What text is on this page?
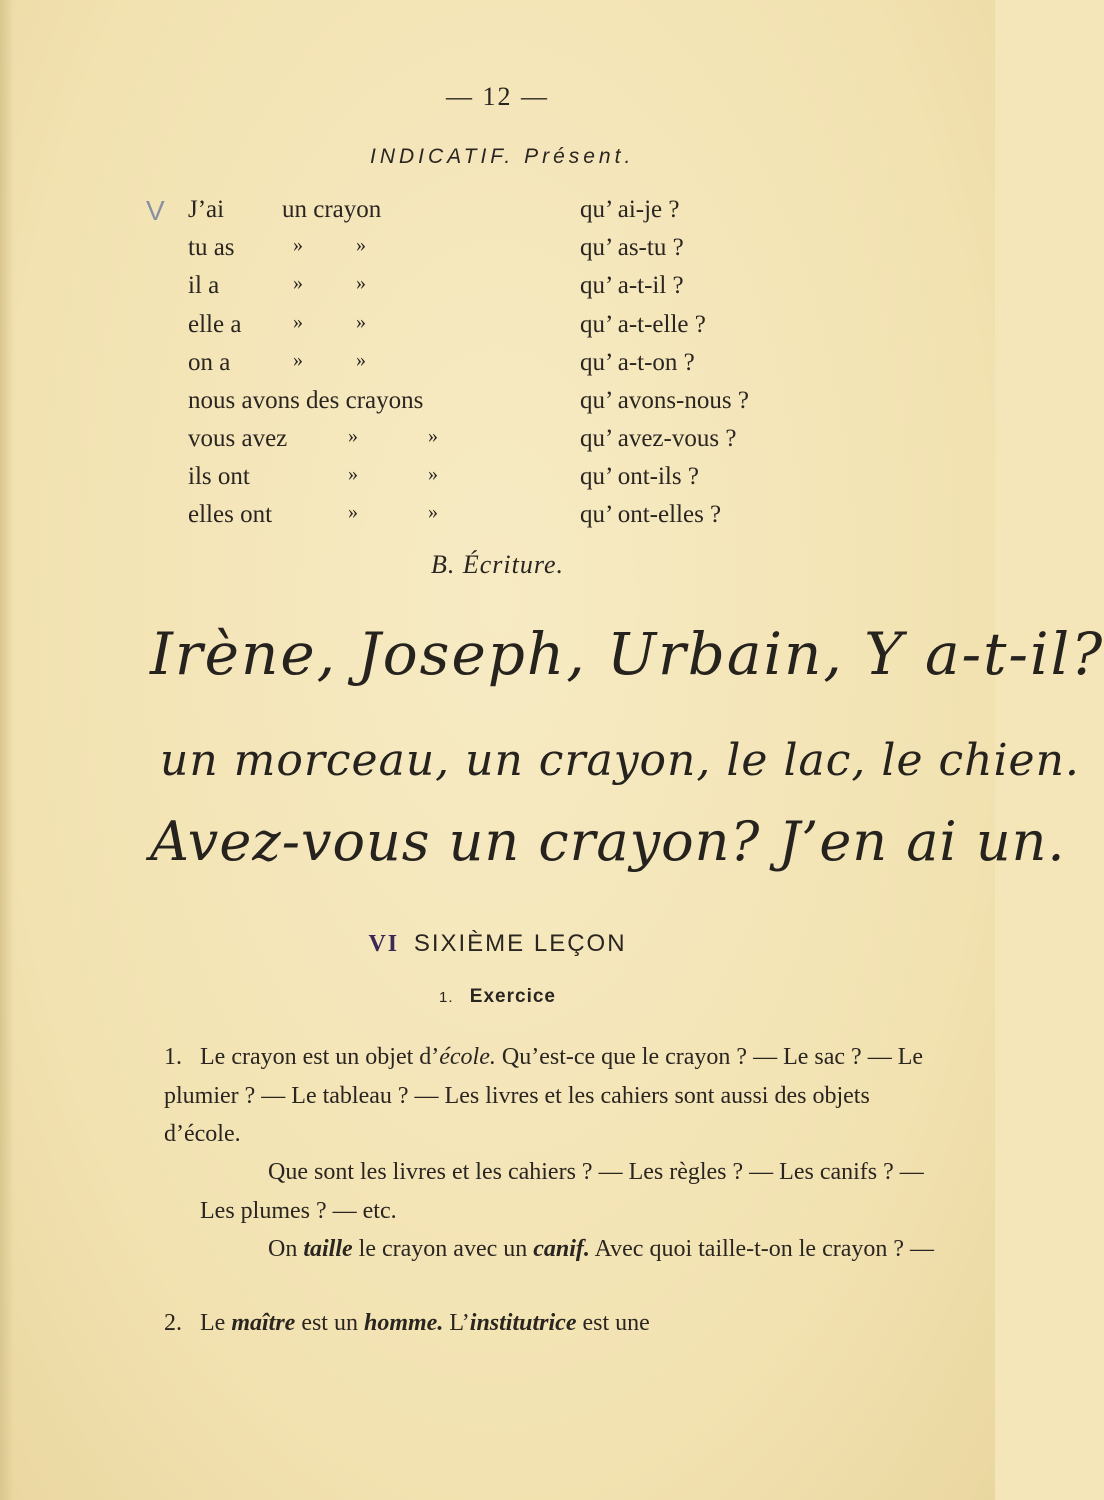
— 12 —
INDICATIF. Présent.
V J’ai un crayon	qu’ ai-je ?
tu as	»	»	qu’ as-tu ?
il a	»	»	qu’ a-t-il ?
elle a	»	»	qu’ a-t-elle ?
on a	»	»	qu’ a-t-on ?
nous avons des crayons	qu’ avons-nous ?
vous avez	»	»	qu’ avez-vous ?
ils ont	»	»	qu’ ont-ils ?
elles ont	»	»	qu’ ont-elles ?
B. Écriture.
Irène, Joseph, Urbain, Y a-t-il?
un morceau, un crayon, le lac, le chien.
Avez-vous un crayon? J’en ai un.
VI SIXIÈME LEÇON
1. Exercice
1. Le crayon est un objet d’école. Qu’est-ce que le crayon ? — Le sac ? — Le plumier ? — Le tableau ? — Les livres et les cahiers sont aussi des objets d’école.
Que sont les livres et les cahiers ? — Les règles ? — Les canifs ? — Les plumes ? — etc.
On taille le crayon avec un canif. Avec quoi taille-t-on le crayon ? —
2. Le maître est un homme. L’institutrice est une
